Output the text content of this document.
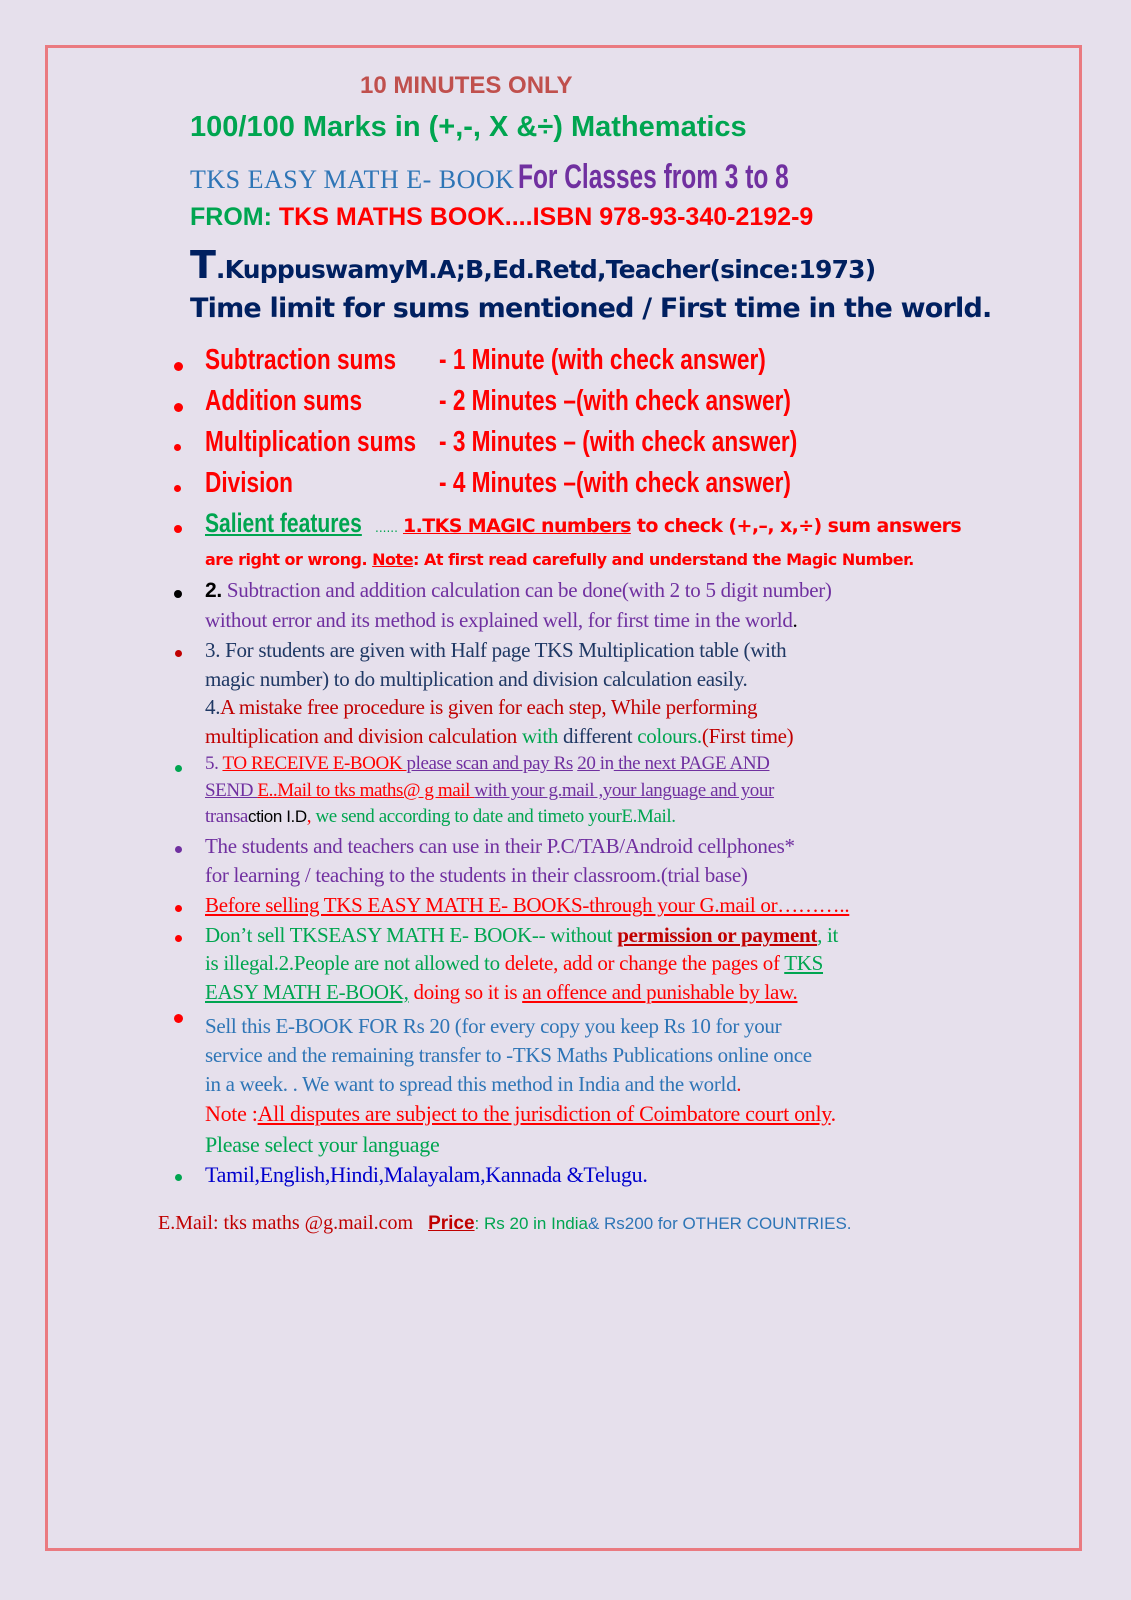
10 MINUTES ONLY
100/100 Marks in (+,-, X &÷) Mathematics
TKS EASY MATH E- BOOK For Classes from 3 to 8
FROM: TKS MATHS BOOK....ISBN 978-93-340-2192-9
T.KuppuswamyM.A;B,Ed.Retd,Teacher(since:1973)
Time limit for sums mentioned / First time in the world.
Subtraction sums - 1 Minute (with check answer)
Addition sums	- 2 Minutes –(with check answer)
Multiplication sums - 3 Minutes – (with check answer)
Division	- 4 Minutes –(with check answer)
Salient features ...... 1.TKS MAGIC numbers to check (+,–, x,÷) sum answers
are right or wrong. Note: At first read carefully and understand the Magic Number.
2. Subtraction and addition calculation can be done(with 2 to 5 digit number)
without error and its method is explained well, for first time in the world.
3. For students are given with Half page TKS Multiplication table (with
magic number) to do multiplication and division calculation easily.
4.A mistake free procedure is given for each step, While performing
multiplication and division calculation with different colours.(First time)
5. TO RECEIVE E-BOOK please scan and pay Rs 20 in the next PAGE AND
SEND E..Mail to tks maths@ g mail with your g.mail ,your language and your
transaction I.D, we send according to date and timeto yourE.Mail.
The students and teachers can use in their P.C/TAB/Android cellphones*
for learning / teaching to the students in their classroom.(trial base)
Before selling TKS EASY MATH E- BOOKS-through your G.mail or………..
Don’t sell TKSEASY MATH E- BOOK-- without permission or payment, it
is illegal.2.People are not allowed to delete, add or change the pages of TKS
EASY MATH E-BOOK, doing so it is an offence and punishable by law.
Sell this E-BOOK FOR Rs 20 (for every copy you keep Rs 10 for your
service and the remaining transfer to -TKS Maths Publications online once
in a week. . We want to spread this method in India and the world.
Note :All disputes are subject to the jurisdiction of Coimbatore court only.
Please select your language
Tamil,English,Hindi,Malayalam,Kannada &Telugu.
E.Mail: tks maths @g.mail.com Price: Rs 20 in India& Rs200 for OTHER COUNTRIES.
